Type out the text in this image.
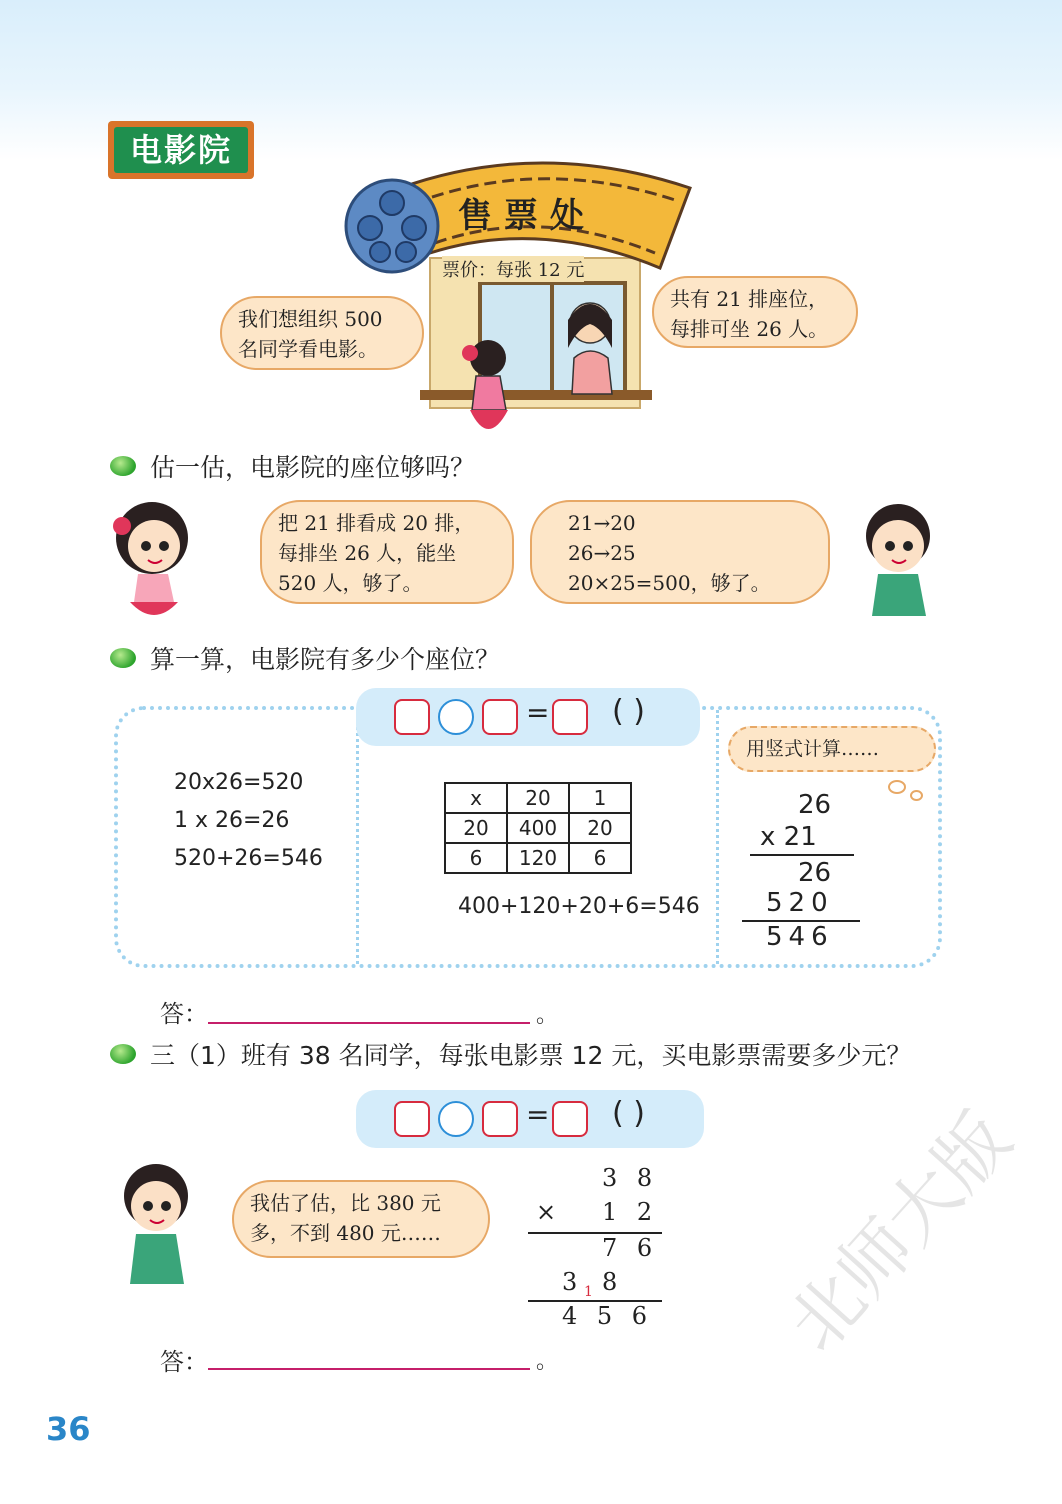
电影院
售票处
票价：每张 12 元
我们想组织 500
名同学看电影。
共有 21 排座位，
每排可坐 26 人。
估一估，电影院的座位够吗？
把 21 排看成 20 排，
每排坐 26 人，能坐
520 人，够了。
21→20
26→25
20×25=500，够了。
算一算，电影院有多少个座位？
20x26=520
1 x 26=26
520+26=546
x	20	1
20	400	20
6	120	6
400+120+20+6=546
用竖式计算……
26
x 21
26
520
546
= ( )
答：	。
三（1）班有 38 名同学，每张电影票 12 元，买电影票需要多少元？
= ( )
我估了估，比 380 元
多，不到 480 元……
3 8
× 1 2
7 6
3 1 8
4 5 6
答：	。
36
北师大版
